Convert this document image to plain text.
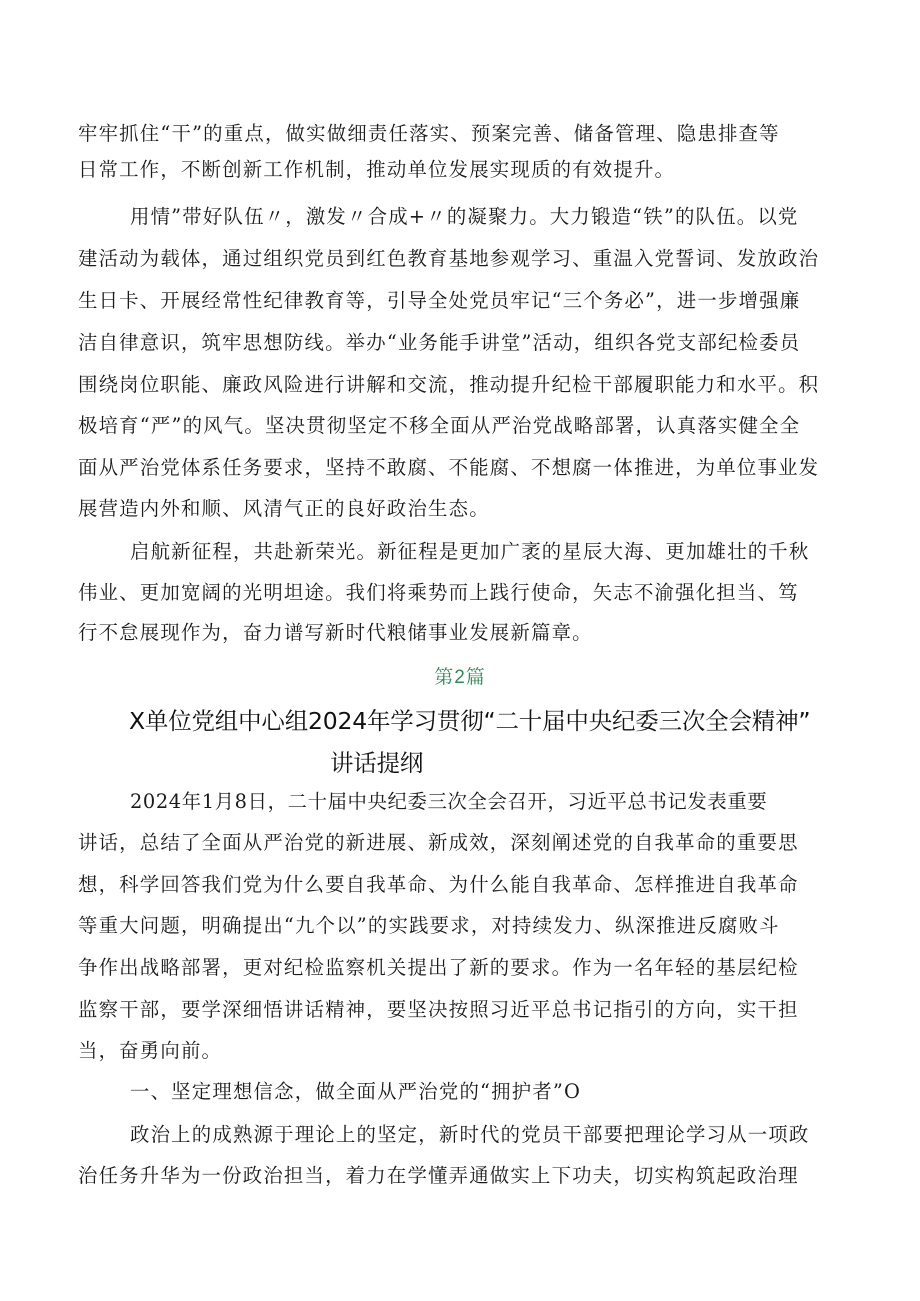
牢牢抓住“干”的重点，做实做细责任落实、预案完善、储备管理、隐患排查等
日常工作，不断创新工作机制，推动单位发展实现质的有效提升。
用情”带好队伍〃，激发〃合成+〃的凝聚力。大力锻造“铁”的队伍。以党
建活动为载体，通过组织党员到红色教育基地参观学习、重温入党誓词、发放政治
生日卡、开展经常性纪律教育等，引导全处党员牢记“三个务必”，进一步增强廉
洁自律意识，筑牢思想防线。举办“业务能手讲堂”活动，组织各党支部纪检委员
围绕岗位职能、廉政风险进行讲解和交流，推动提升纪检干部履职能力和水平。积
极培育“严”的风气。坚决贯彻坚定不移全面从严治党战略部署，认真落实健全全
面从严治党体系任务要求，坚持不敢腐、不能腐、不想腐一体推进，为单位事业发
展营造内外和顺、风清气正的良好政治生态。
启航新征程，共赴新荣光。新征程是更加广袤的星辰大海、更加雄壮的千秋
伟业、更加宽阔的光明坦途。我们将乘势而上践行使命，矢志不渝强化担当、笃
行不怠展现作为，奋力谱写新时代粮储事业发展新篇章。
第2篇
X单位党组中心组2024年学习贯彻“二十届中央纪委三次全会精神”
讲话提纲
2024年1月8日，二十届中央纪委三次全会召开，习近平总书记发表重要
讲话，总结了全面从严治党的新进展、新成效，深刻阐述党的自我革命的重要思
想，科学回答我们党为什么要自我革命、为什么能自我革命、怎样推进自我革命
等重大问题，明确提出“九个以”的实践要求，对持续发力、纵深推进反腐败斗
争作出战略部署，更对纪检监察机关提出了新的要求。作为一名年轻的基层纪检
监察干部，要学深细悟讲话精神，要坚决按照习近平总书记指引的方向，实干担
当，奋勇向前。
一、坚定理想信念，做全面从严治党的“拥护者”O
政治上的成熟源于理论上的坚定，新时代的党员干部要把理论学习从一项政
治任务升华为一份政治担当，着力在学懂弄通做实上下功夫，切实构筑起政治理
